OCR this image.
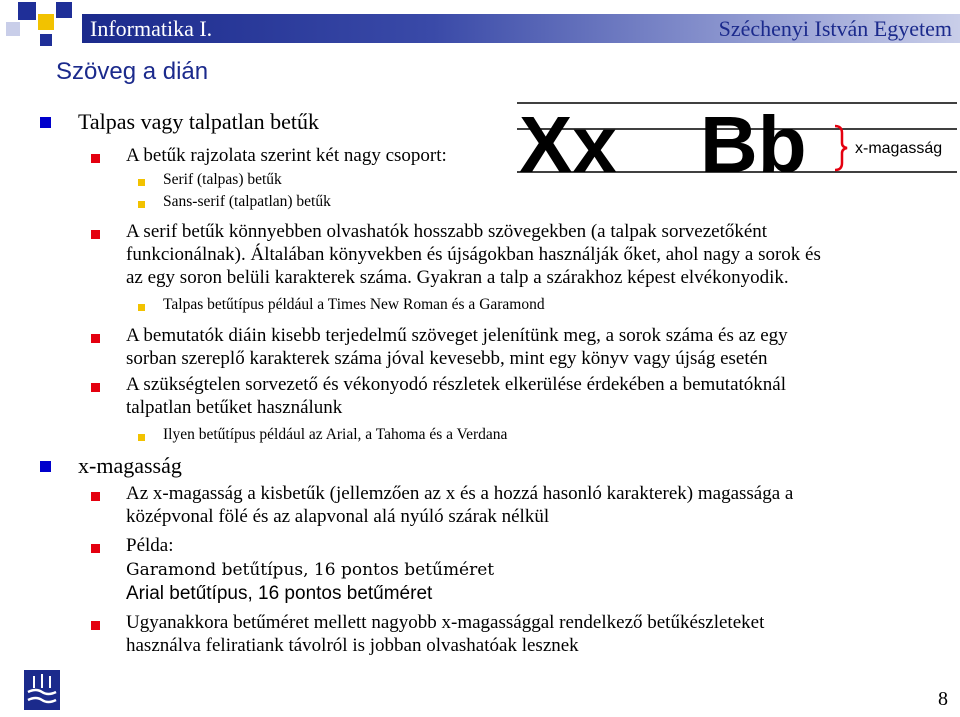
Informatika I.	Széchenyi István Egyetem
Szöveg a dián
Xx Bb	x-magasság
Talpas vagy talpatlan betűk
A betűk rajzolata szerint két nagy csoport:
Serif (talpas) betűk
Sans-serif (talpatlan) betűk
A serif betűk könnyebben olvashatók hosszabb szövegekben (a talpak sorvezetőként
funkcionálnak). Általában könyvekben és újságokban használják őket, ahol nagy a sorok és
az egy soron belüli karakterek száma. Gyakran a talp a szárakhoz képest elvékonyodik.
Talpas betűtípus például a Times New Roman és a Garamond
A bemutatók diáin kisebb terjedelmű szöveget jelenítünk meg, a sorok száma és az egy
sorban szereplő karakterek száma jóval kevesebb, mint egy könyv vagy újság esetén
A szükségtelen sorvezető és vékonyodó részletek elkerülése érdekében a bemutatóknál
talpatlan betűket használunk
Ilyen betűtípus például az Arial, a Tahoma és a Verdana
x-magasság
Az x-magasság a kisbetűk (jellemzően az x és a hozzá hasonló karakterek) magassága a
középvonal fölé és az alapvonal alá nyúló szárak nélkül
Példa:
Garamond betűtípus, 16 pontos betűméret
Arial betűtípus, 16 pontos betűméret
Ugyanakkora betűméret mellett nagyobb x-magassággal rendelkező betűkészleteket
használva feliratiank távolról is jobban olvashatóak lesznek
8
